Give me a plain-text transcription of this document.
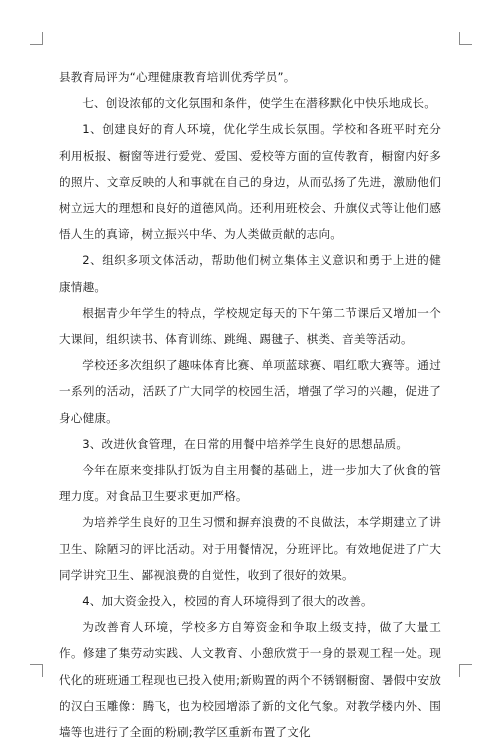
县教育局评为“心理健康教育培训优秀学员”。

七、创设浓郁的文化氛围和条件，使学生在潜移默化中快乐地成长。

1、创建良好的育人环境，优化学生成长氛围。学校和各班平时充分利用板报、橱窗等进行爱党、爱国、爱校等方面的宣传教育，橱窗内好多的照片、文章反映的人和事就在自己的身边，从而弘扬了先进，激励他们树立远大的理想和良好的道德风尚。还利用班校会、升旗仪式等让他们感悟人生的真谛，树立振兴中华、为人类做贡献的志向。

2、组织多项文体活动，帮助他们树立集体主义意识和勇于上进的健康情趣。

根据青少年学生的特点，学校规定每天的下午第二节课后又增加一个大课间，组织读书、体育训练、跳绳、踢毽子、棋类、音美等活动。

学校还多次组织了趣味体育比赛、单项蓝球赛、唱红歌大赛等。通过一系列的活动，活跃了广大同学的校园生活，增强了学习的兴趣，促进了身心健康。

3、改进伙食管理，在日常的用餐中培养学生良好的思想品质。

今年在原来变排队打饭为自主用餐的基础上，进一步加大了伙食的管理力度。对食品卫生要求更加严格。

为培养学生良好的卫生习惯和摒弃浪费的不良做法，本学期建立了讲卫生、除陋习的评比活动。对于用餐情况，分班评比。有效地促进了广大同学讲究卫生、鄙视浪费的自觉性，收到了很好的效果。

4、加大资金投入，校园的育人环境得到了很大的改善。

为改善育人环境，学校多方自筹资金和争取上级支持，做了大量工作。修建了集劳动实践、人文教育、小憩欣赏于一身的景观工程一处。现代化的班班通工程现也已投入使用;新购置的两个不锈钢橱窗、暑假中安放的汉白玉雕像：腾飞，也为校园增添了新的文化气象。对教学楼内外、围墙等也进行了全面的粉刷;教学区重新布置了文化
